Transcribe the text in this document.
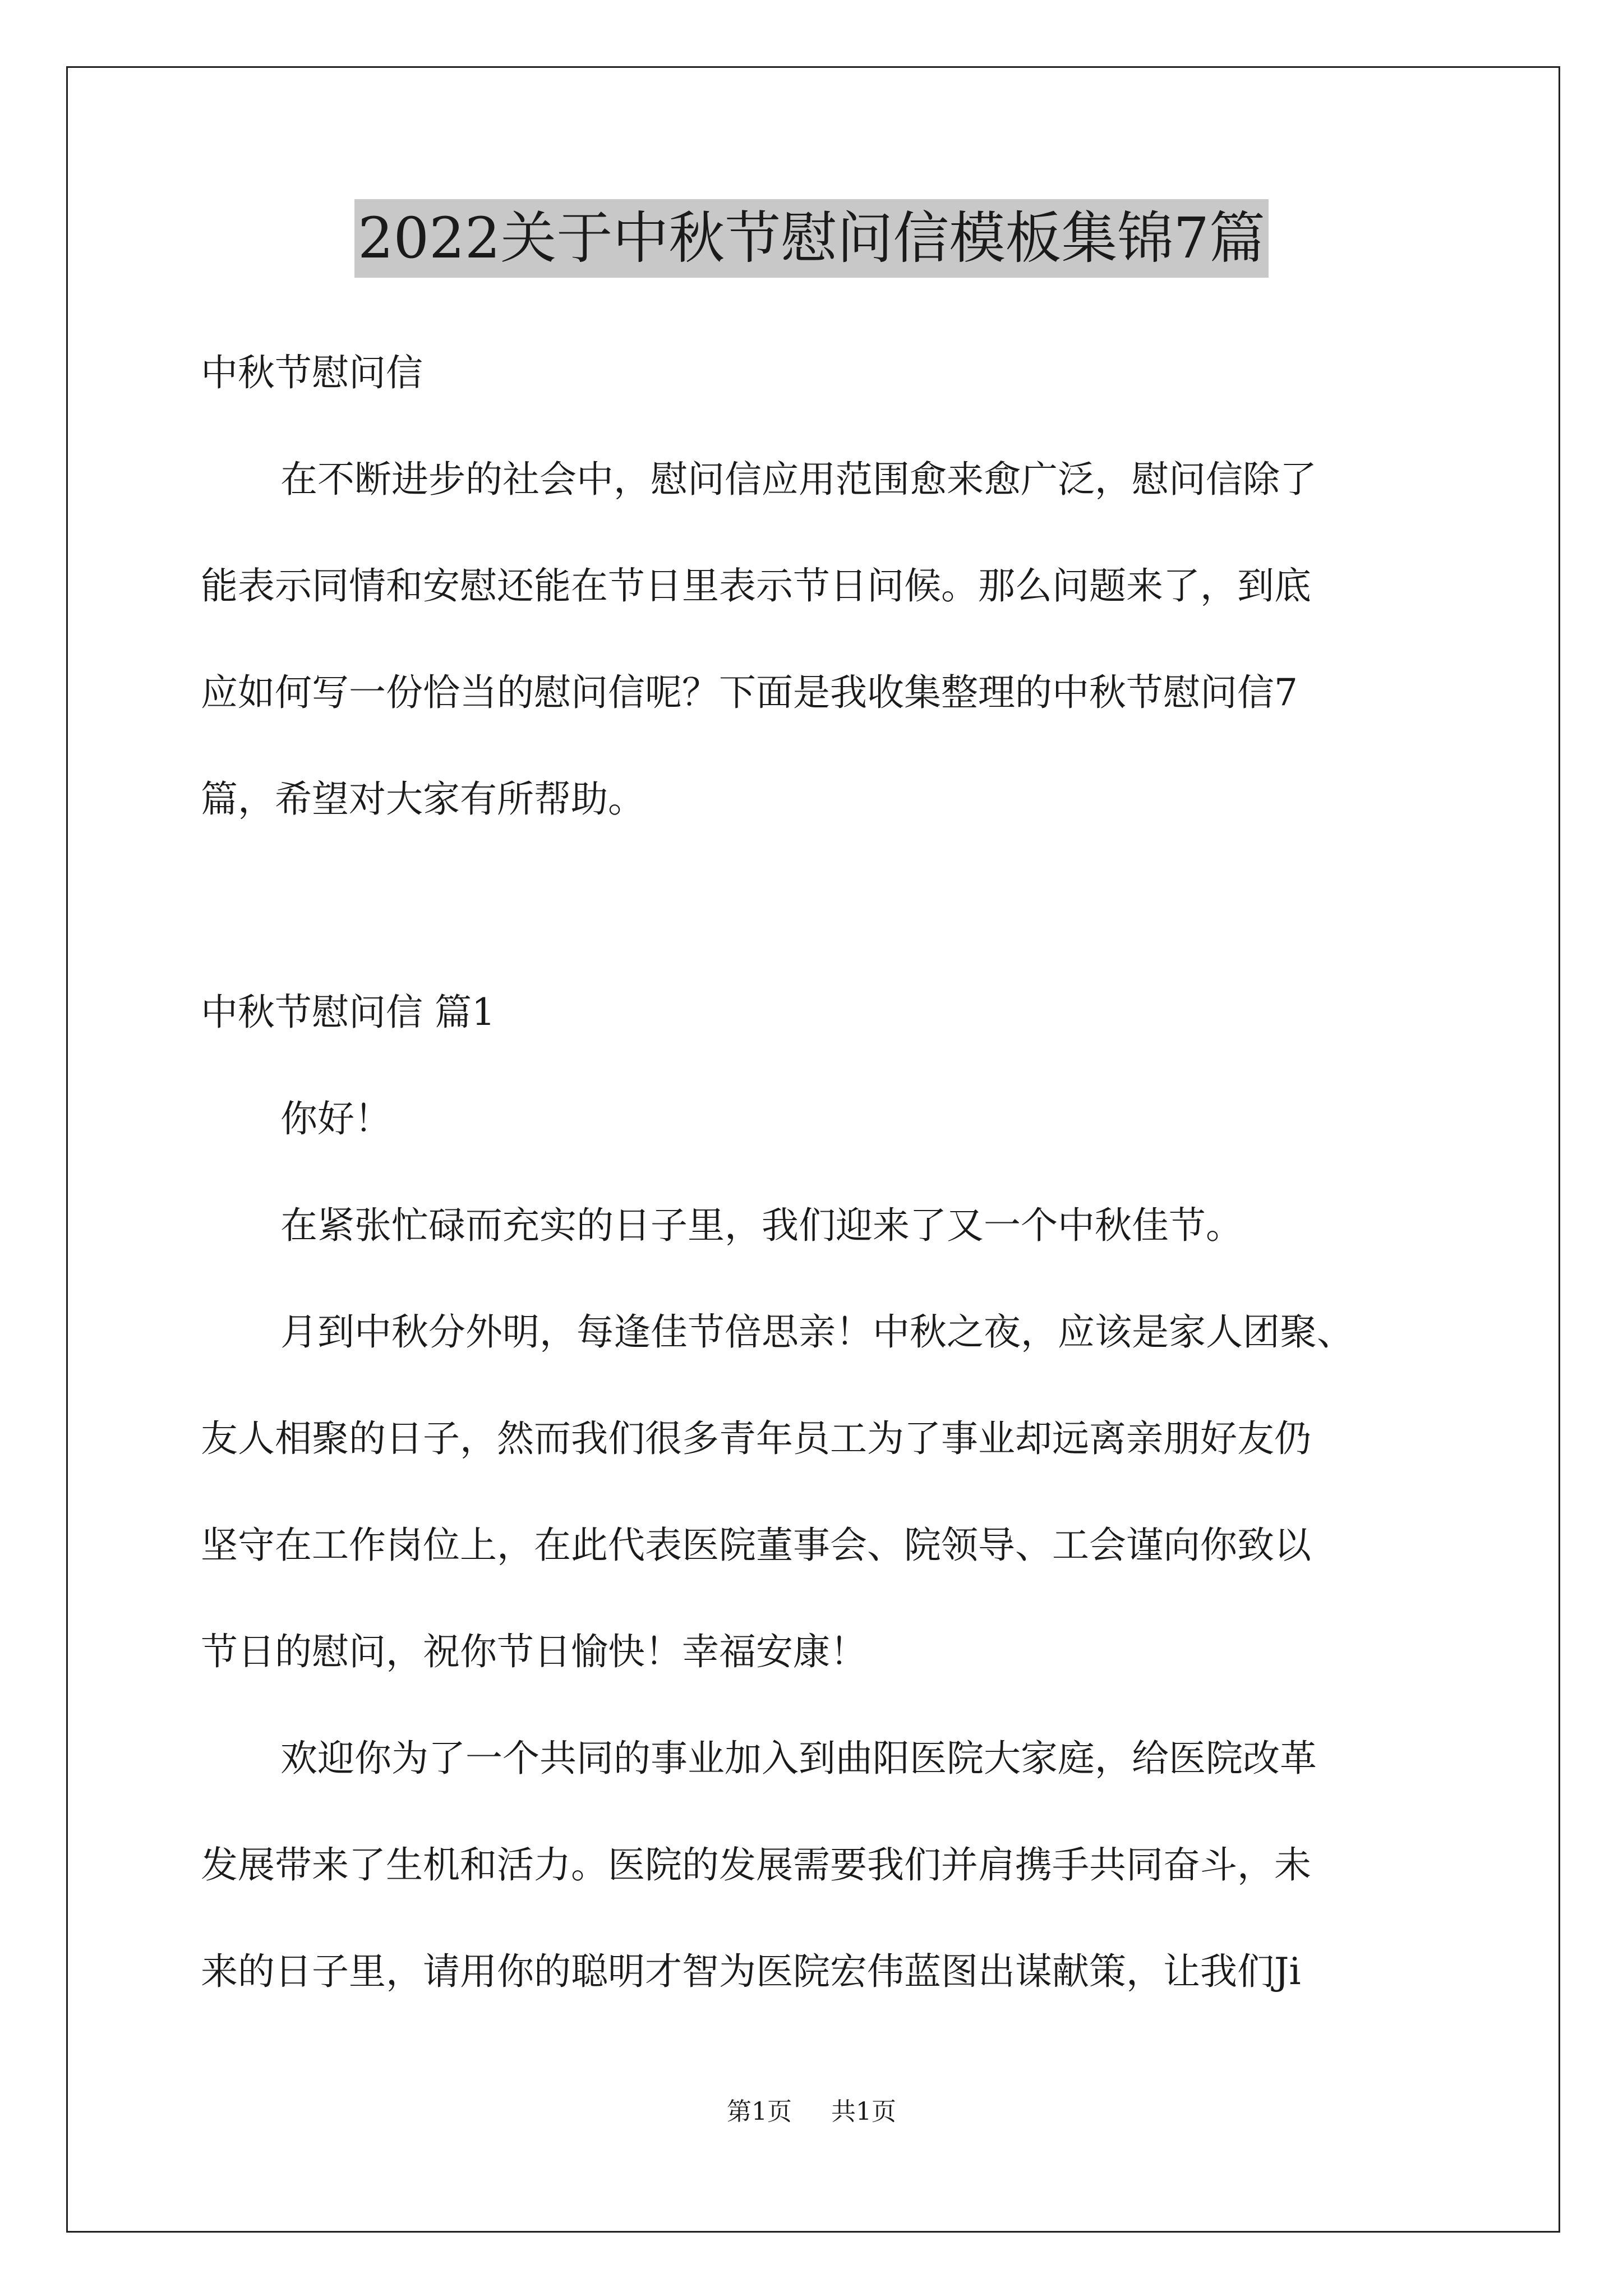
2022关于中秋节慰问信模板集锦7篇
中秋节慰问信
在不断进步的社会中，慰问信应用范围愈来愈广泛，慰问信除了
能表示同情和安慰还能在节日里表示节日问候。那么问题来了，到底
应如何写一份恰当的慰问信呢？下面是我收集整理的中秋节慰问信7
篇，希望对大家有所帮助。
中秋节慰问信 篇1
你好！
在紧张忙碌而充实的日子里，我们迎来了又一个中秋佳节。
月到中秋分外明，每逢佳节倍思亲！中秋之夜，应该是家人团聚、
友人相聚的日子，然而我们很多青年员工为了事业却远离亲朋好友仍
坚守在工作岗位上，在此代表医院董事会、院领导、工会谨向你致以
节日的慰问，祝你节日愉快！幸福安康！
欢迎你为了一个共同的事业加入到曲阳医院大家庭，给医院改革
发展带来了生机和活力。医院的发展需要我们并肩携手共同奋斗，未
来的日子里，请用你的聪明才智为医院宏伟蓝图出谋献策，让我们Ji
第1页 共1页
